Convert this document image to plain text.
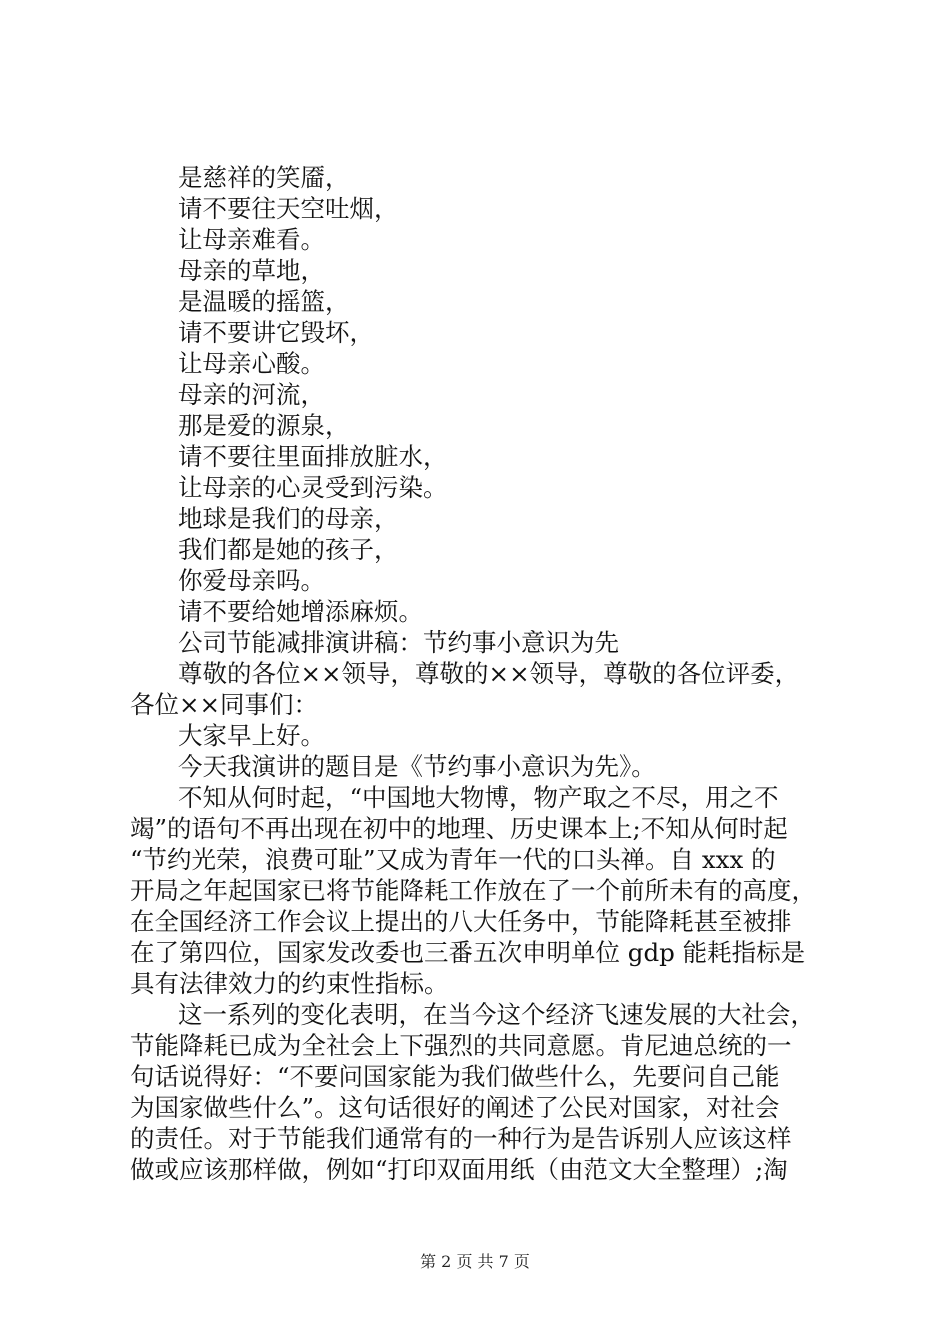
是慈祥的笑靥，
请不要往天空吐烟，
让母亲难看。
母亲的草地，
是温暖的摇篮，
请不要讲它毁坏，
让母亲心酸。
母亲的河流，
那是爱的源泉，
请不要往里面排放脏水，
让母亲的心灵受到污染。
地球是我们的母亲，
我们都是她的孩子，
你爱母亲吗。
请不要给她增添麻烦。
公司节能减排演讲稿：节约事小意识为先
尊敬的各位××领导，尊敬的××领导，尊敬的各位评委，
各位××同事们：
大家早上好。
今天我演讲的题目是《节约事小意识为先》。
不知从何时起，“中国地大物博，物产取之不尽，用之不
竭”的语句不再出现在初中的地理、历史课本上;不知从何时起
“节约光荣，浪费可耻”又成为青年一代的口头禅。自 xxx 的
开局之年起国家已将节能降耗工作放在了一个前所未有的高度，
在全国经济工作会议上提出的八大任务中，节能降耗甚至被排
在了第四位，国家发改委也三番五次申明单位 gdp 能耗指标是
具有法律效力的约束性指标。
这一系列的变化表明，在当今这个经济飞速发展的大社会，
节能降耗已成为全社会上下强烈的共同意愿。肯尼迪总统的一
句话说得好：“不要问国家能为我们做些什么，先要问自己能
为国家做些什么”。这句话很好的阐述了公民对国家，对社会
的责任。对于节能我们通常有的一种行为是告诉别人应该这样
做或应该那样做，例如“打印双面用纸（由范文大全整理）;淘
第 2 页 共 7 页
